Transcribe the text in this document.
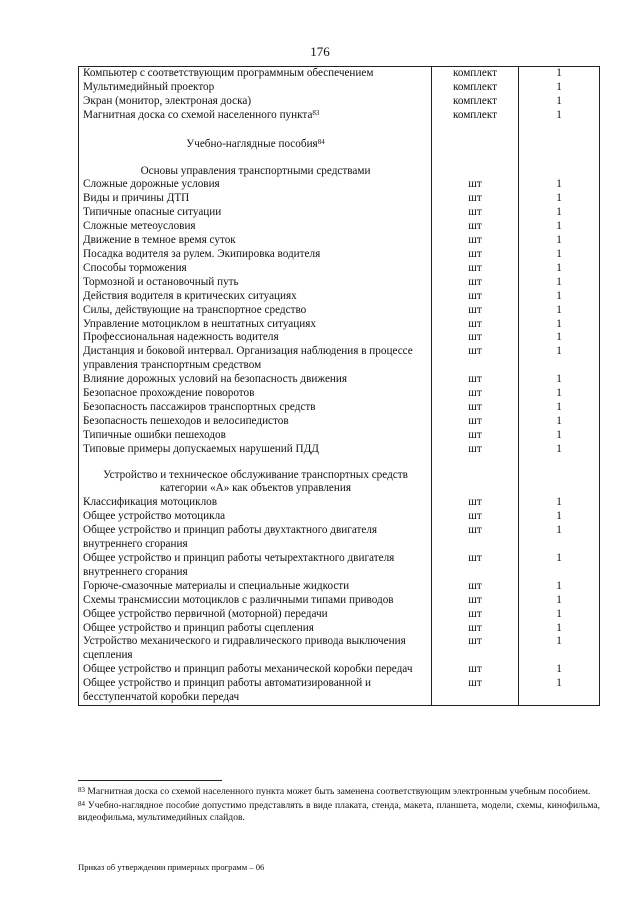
176
Компьютер с соответствующим программным обеспечением	комплект	1
Мультимедийный проектор	комплект	1
Экран (монитор, электроная доска)	комплект	1
Магнитная доска со схемой населенного пункта$^{83}$	комплект	1
Учебно-наглядные пособия$^{84}$		
Основы управления транспортными средствами		
Сложные дорожные условия	шт	1
Виды и причины ДТП	шт	1
Типичные опасные ситуации	шт	1
Сложные метеоусловия	шт	1
Движение в темное время суток	шт	1
Посадка водителя за рулем. Экипировка водителя	шт	1
Способы торможения	шт	1
Тормозной и остановочный путь	шт	1
Действия водителя в критических ситуациях	шт	1
Силы, действующие на транспортное средство	шт	1
Управление мотоциклом в нештатных ситуациях	шт	1
Профессиональная надежность водителя	шт	1
Дистанция и боковой интервал. Организация наблюдения в процессе управления транспортным средством	шт	1
Влияние дорожных условий на безопасность движения	шт	1
Безопасное прохождение поворотов	шт	1
Безопасность пассажиров транспортных средств	шт	1
Безопасность пешеходов и велосипедистов	шт	1
Типичные ошибки пешеходов	шт	1
Типовые примеры допускаемых нарушений ПДД	шт	1
Устройство и техническое обслуживание транспортных средств категории «А» как объектов управления		
Классификация мотоциклов	шт	1
Общее устройство мотоцикла	шт	1
Общее устройство и принцип работы двухтактного двигателя внутреннего сгорания	шт	1
Общее устройство и принцип работы четырехтактного двигателя внутреннего сгорания	шт	1
Горюче-смазочные материалы и специальные жидкости	шт	1
Схемы трансмиссии мотоциклов с различными типами приводов	шт	1
Общее устройство первичной (моторной) передачи	шт	1
Общее устройство и принцип работы сцепления	шт	1
Устройство механического и гидравлического привода выключения сцепления	шт	1
Общее устройство и принцип работы механической коробки передач	шт	1
Общее устройство и принцип работы автоматизированной и бесступенчатой коробки передач	шт	1

$^{83}$ Магнитная доска со схемой населенного пункта может быть заменена соответствующим электронным учебным пособием.

$^{84}$ Учебно-наглядное пособие допустимо представлять в виде плаката, стенда, макета, планшета, модели, схемы, кинофильма, видеофильма, мультимедийных слайдов.

Приказ об утверждении примерных программ – 06
